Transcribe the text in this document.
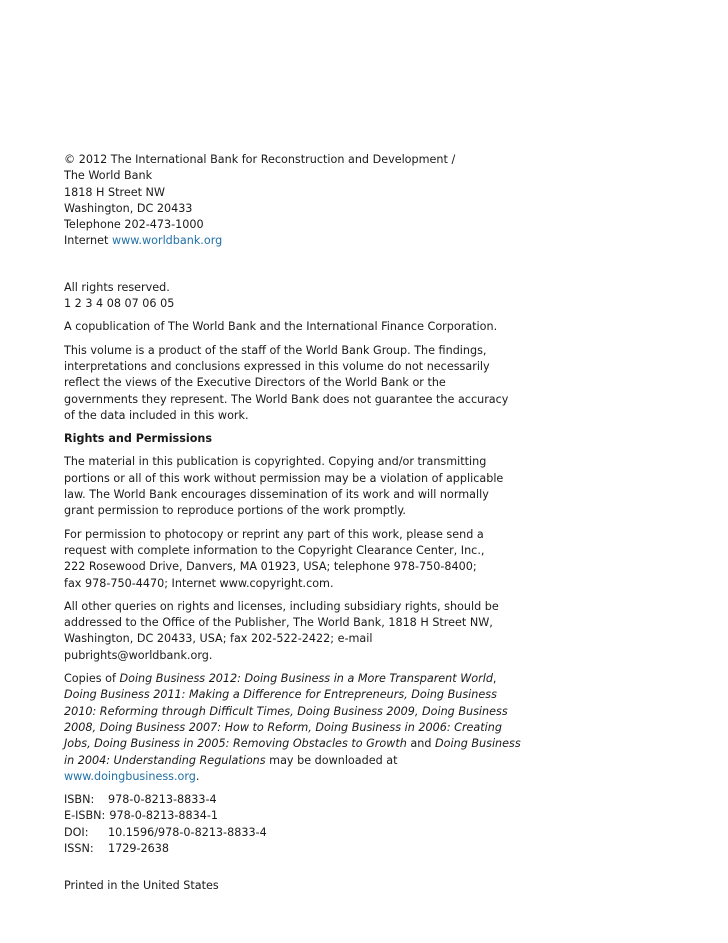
© 2012 The International Bank for Reconstruction and Development /
The World Bank
1818 H Street NW
Washington, DC 20433
Telephone 202-473-1000
Internet www.worldbank.org
All rights reserved.
1 2 3 4 08 07 06 05
A copublication of The World Bank and the International Finance Corporation.
This volume is a product of the staff of the World Bank Group. The findings,
interpretations and conclusions expressed in this volume do not necessarily
reflect the views of the Executive Directors of the World Bank or the
governments they represent. The World Bank does not guarantee the accuracy
of the data included in this work.
Rights and Permissions
The material in this publication is copyrighted. Copying and/or transmitting
portions or all of this work without permission may be a violation of applicable
law. The World Bank encourages dissemination of its work and will normally
grant permission to reproduce portions of the work promptly.
For permission to photocopy or reprint any part of this work, please send a
request with complete information to the Copyright Clearance Center, Inc.,
222 Rosewood Drive, Danvers, MA 01923, USA; telephone 978-750-8400;
fax 978-750-4470; Internet www.copyright.com.
All other queries on rights and licenses, including subsidiary rights, should be
addressed to the Office of the Publisher, The World Bank, 1818 H Street NW,
Washington, DC 20433, USA; fax 202-522-2422; e-mail
pubrights@worldbank.org.
Copies of Doing Business 2012: Doing Business in a More Transparent World,
Doing Business 2011: Making a Difference for Entrepreneurs, Doing Business
2010: Reforming through Difficult Times, Doing Business 2009, Doing Business
2008, Doing Business 2007: How to Reform, Doing Business in 2006: Creating
Jobs, Doing Business in 2005: Removing Obstacles to Growth and Doing Business
in 2004: Understanding Regulations may be downloaded at
www.doingbusiness.org.
ISBN: 978-0-8213-8833-4
E-ISBN: 978-0-8213-8834-1
DOI: 10.1596/978-0-8213-8833-4
ISSN: 1729-2638
Printed in the United States
